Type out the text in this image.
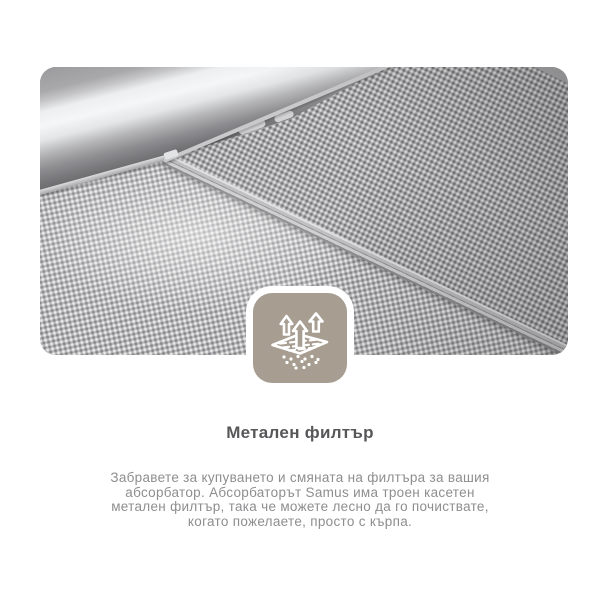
Метален филтър
Забравете за купуването и смяната на филтъра за вашия
абсорбатор. Абсорбаторът Samus има троен касетен
метален филтър, така че можете лесно да го почиствате,
когато пожелаете, просто с кърпа.
